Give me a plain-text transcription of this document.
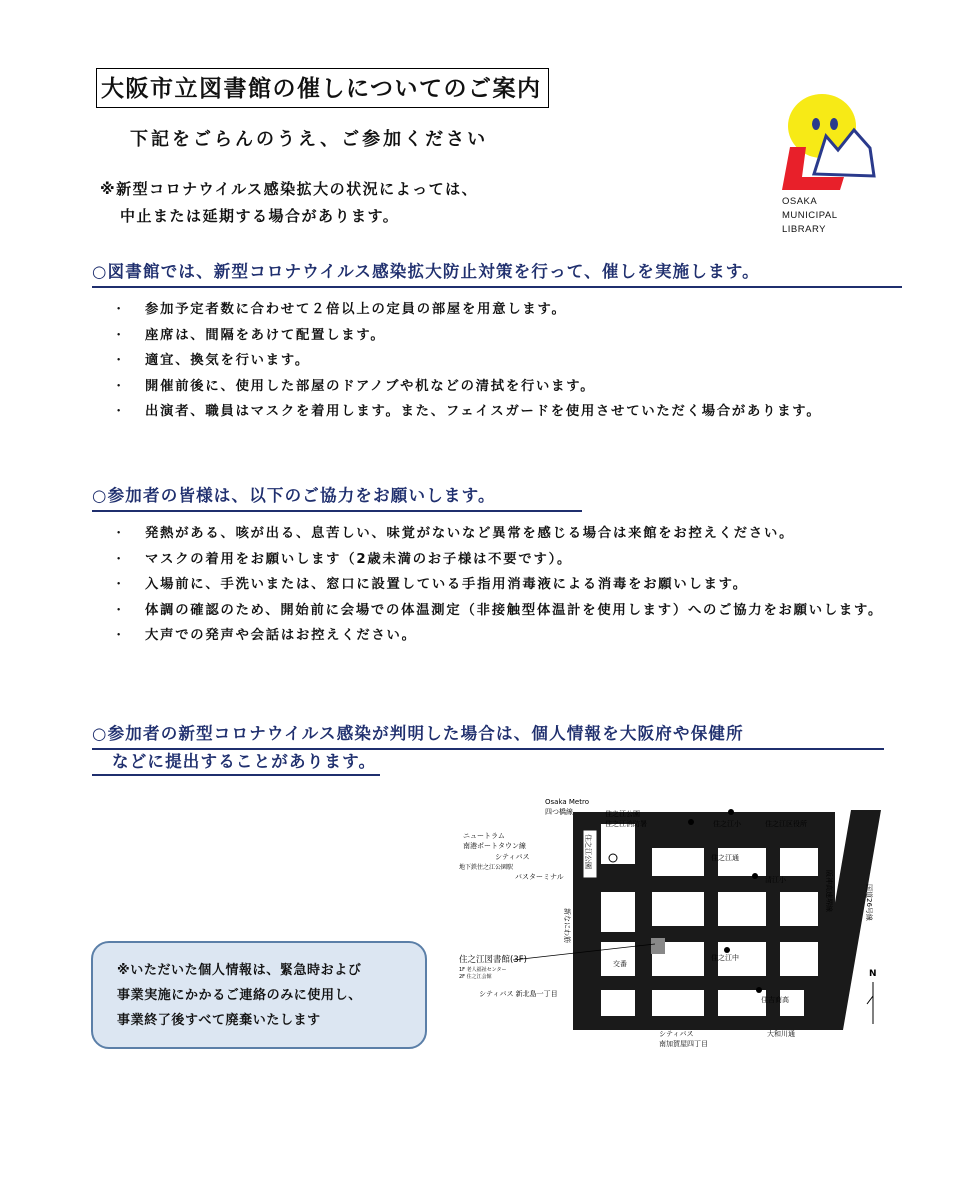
大阪市立図書館の催しについてのご案内
下記をごらんのうえ、ご参加ください
※新型コロナウイルス感染拡大の状況によっては、
中止または延期する場合があります。
OSAKA
MUNICIPAL
LIBRARY
○図書館では、新型コロナウイルス感染拡大防止対策を行って、催しを実施します。
・ 参加予定者数に合わせて２倍以上の定員の部屋を用意します。
・ 座席は、間隔をあけて配置します。
・ 適宜、換気を行います。
・ 開催前後に、使用した部屋のドアノブや机などの清拭を行います。
・ 出演者、職員はマスクを着用します。また、フェイスガードを使用させていただく場合があります。
○参加者の皆様は、以下のご協力をお願いします。
・ 発熱がある、咳が出る、息苦しい、味覚がないなど異常を感じる場合は来館をお控えください。
・ マスクの着用をお願いします（2歳未満のお子様は不要です）。
・ 入場前に、手洗いまたは、窓口に設置している手指用消毒液による消毒をお願いします。
・ 体調の確認のため、開始前に会場での体温測定（非接触型体温計を使用します）へのご協力をお願いします。
・ 大声での発声や会話はお控えください。
○参加者の新型コロナウイルス感染が判明した場合は、個人情報を大阪府や保健所
などに提出することがあります。
※いただいた個人情報は、緊急時および
事業実施にかかるご連絡のみに使用し、
事業終了後すべて廃棄いたします
Osaka Metro
四つ橋線
ニュートラム
南港ポートタウン線
シティバス
地下鉄住之江公園駅
バスターミナル
住之江公園
住之江消防署	住之江小	住之江区役所
住之江通
清江小	阪神高速堺線	国道26号線
住之江公園
新なにわ筋
住之江図書館(3F)
1F 老人福祉センター
2F 住之江会館
交番
住之江中
住吉商高
シティバス 新北島一丁目
大和川通
シティバス
南加賀屋四丁目
N
